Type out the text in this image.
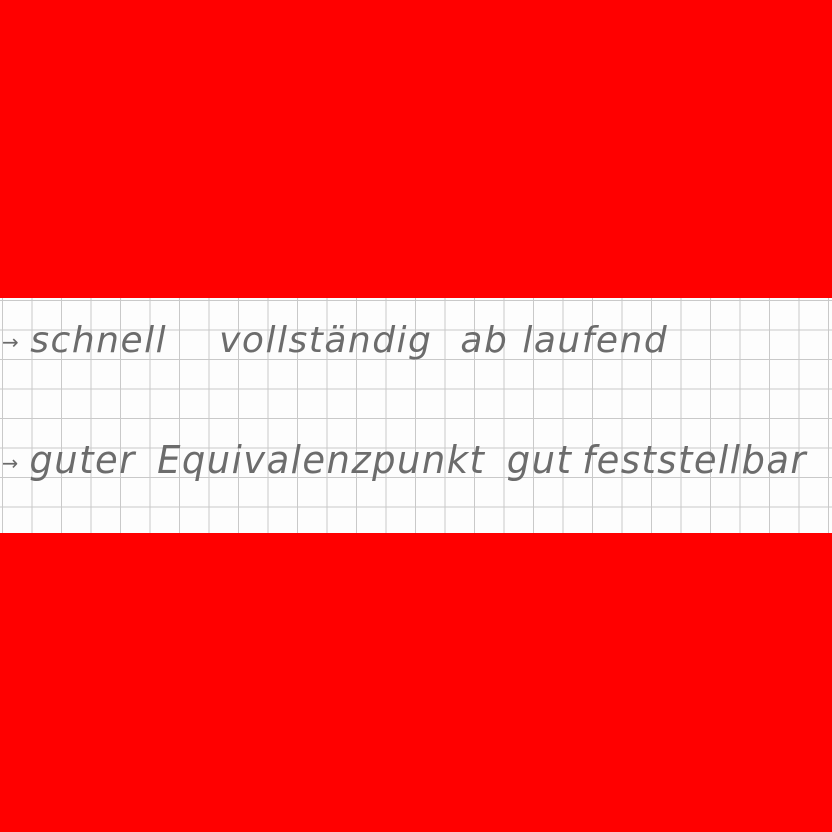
→ schnell vollständig ab laufend
→ guter Equivalenzpunkt gut feststellbar
